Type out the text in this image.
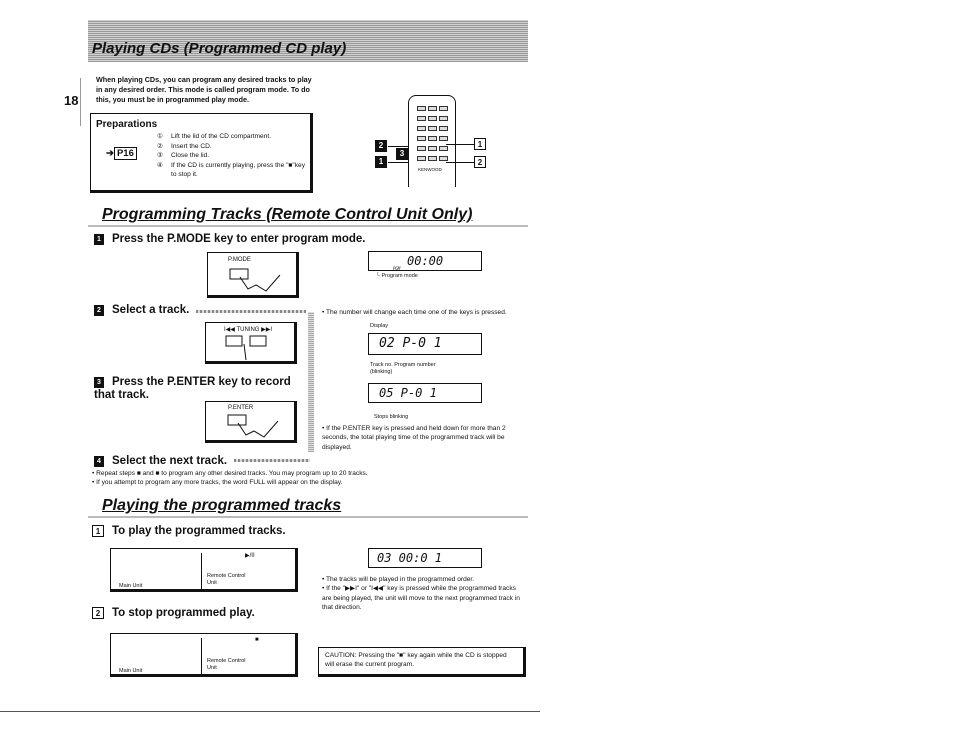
Playing CDs (Programmed CD play)
18
When playing CDs, you can program any desired tracks to play in any desired order. This mode is called program mode. To do this, you must be in programmed play mode.
Preparations
➔ P16
①	Lift the lid of the CD compartment.
②	Insert the CD.
③	Close the lid.
④	If the CD is currently playing, press the "■"key to stop it.
KENWOOD
2
1
3
1
2
Programming Tracks (Remote Control Unit Only)
1 Press the P.MODE key to enter program mode.
P.MODE	00:00
PGM
└ Program mode
2 Select a track.
I◀◀ TUNING ▶▶I
3 Press the P.ENTER key to record that track.
P.ENTER
4 Select the next track.
• The number will change each time one of the keys is pressed.
Display
02 P-0 1
Track no. Program number
(blinking)
05 P-0 1
Stops blinking
• If the P.ENTER key is pressed and held down for more than 2 seconds, the total playing time of the programmed track will be displayed.
• Repeat steps ■ and ■ to program any other desired tracks. You may program up to 20 tracks.
• If you attempt to program any more tracks, the word FULL will appear on the display.
Playing the programmed tracks
1 To play the programmed tracks.
Main Unit
Remote Control Unit
▶/II
2 To stop programmed play.
Main Unit
Remote Control Unit
■
03 00:0 1
• The tracks will be played in the programmed order.
• If the "▶▶I" or "I◀◀" key is pressed while the programmed tracks are being played, the unit will move to the next programmed track in that direction.
CAUTION: Pressing the "■" key again while the CD is stopped will erase the current program.
